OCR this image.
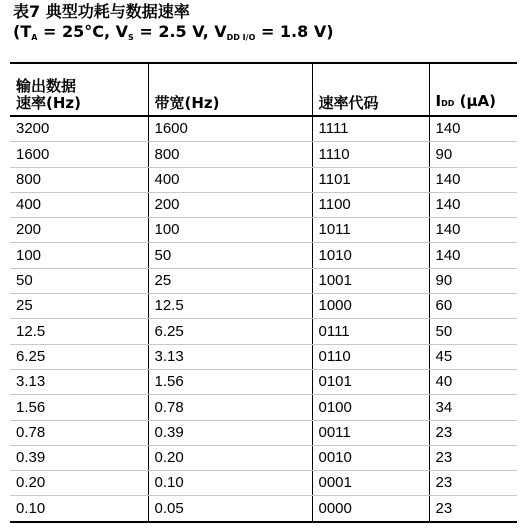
表7 典型功耗与数据速率
($T_A = 25^\circ C$, $V_S = 2.5$ V, $V_{DD I/O} = 1.8$ V)
输出数据
速率(Hz)	带宽(Hz)	速率代码	IDD (μA)
3200	1600	1111	140
1600	800	1110	90
800	400	1101	140
400	200	1100	140
200	100	1011	140
100	50	1010	140
50	25	1001	90
25	12.5	1000	60
12.5	6.25	0111	50
6.25	3.13	0110	45
3.13	1.56	0101	40
1.56	0.78	0100	34
0.78	0.39	0011	23
0.39	0.20	0010	23
0.20	0.10	0001	23
0.10	0.05	0000	23
